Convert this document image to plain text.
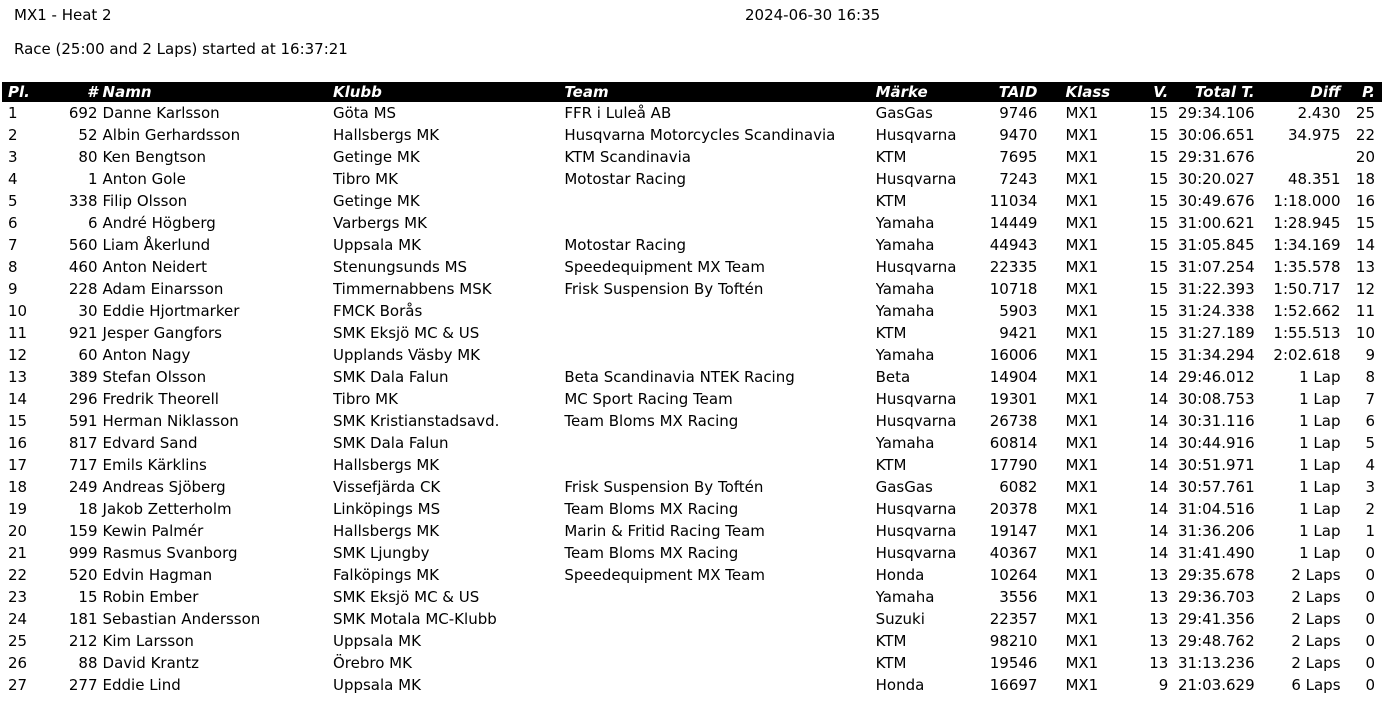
MX1 - Heat 2	2024-06-30 16:35
Race (25:00 and 2 Laps) started at 16:37:21
Pl.	#	Namn	Klubb	Team	Märke	TAID	Klass	V.	Total T.	Diff	P.
1	692	Danne Karlsson	Göta MS	FFR i Luleå AB	GasGas	9746	MX1	15	29:34.106	2.430	25
2	52	Albin Gerhardsson	Hallsbergs MK	Husqvarna Motorcycles Scandinavia	Husqvarna	9470	MX1	15	30:06.651	34.975	22
3	80	Ken Bengtson	Getinge MK	KTM Scandinavia	KTM	7695	MX1	15	29:31.676		20
4	1	Anton Gole	Tibro MK	Motostar Racing	Husqvarna	7243	MX1	15	30:20.027	48.351	18
5	338	Filip Olsson	Getinge MK		KTM	11034	MX1	15	30:49.676	1:18.000	16
6	6	André Högberg	Varbergs MK		Yamaha	14449	MX1	15	31:00.621	1:28.945	15
7	560	Liam Åkerlund	Uppsala MK	Motostar Racing	Yamaha	44943	MX1	15	31:05.845	1:34.169	14
8	460	Anton Neidert	Stenungsunds MS	Speedequipment MX Team	Husqvarna	22335	MX1	15	31:07.254	1:35.578	13
9	228	Adam Einarsson	Timmernabbens MSK	Frisk Suspension By Toftén	Yamaha	10718	MX1	15	31:22.393	1:50.717	12
10	30	Eddie Hjortmarker	FMCK Borås		Yamaha	5903	MX1	15	31:24.338	1:52.662	11
11	921	Jesper Gangfors	SMK Eksjö MC & US		KTM	9421	MX1	15	31:27.189	1:55.513	10
12	60	Anton Nagy	Upplands Väsby MK		Yamaha	16006	MX1	15	31:34.294	2:02.618	9
13	389	Stefan Olsson	SMK Dala Falun	Beta Scandinavia NTEK Racing	Beta	14904	MX1	14	29:46.012	1 Lap	8
14	296	Fredrik Theorell	Tibro MK	MC Sport Racing Team	Husqvarna	19301	MX1	14	30:08.753	1 Lap	7
15	591	Herman Niklasson	SMK Kristianstadsavd.	Team Bloms MX Racing	Husqvarna	26738	MX1	14	30:31.116	1 Lap	6
16	817	Edvard Sand	SMK Dala Falun		Yamaha	60814	MX1	14	30:44.916	1 Lap	5
17	717	Emils Kärklins	Hallsbergs MK		KTM	17790	MX1	14	30:51.971	1 Lap	4
18	249	Andreas Sjöberg	Vissefjärda CK	Frisk Suspension By Toftén	GasGas	6082	MX1	14	30:57.761	1 Lap	3
19	18	Jakob Zetterholm	Linköpings MS	Team Bloms MX Racing	Husqvarna	20378	MX1	14	31:04.516	1 Lap	2
20	159	Kewin Palmér	Hallsbergs MK	Marin & Fritid Racing Team	Husqvarna	19147	MX1	14	31:36.206	1 Lap	1
21	999	Rasmus Svanborg	SMK Ljungby	Team Bloms MX Racing	Husqvarna	40367	MX1	14	31:41.490	1 Lap	0
22	520	Edvin Hagman	Falköpings MK	Speedequipment MX Team	Honda	10264	MX1	13	29:35.678	2 Laps	0
23	15	Robin Ember	SMK Eksjö MC & US		Yamaha	3556	MX1	13	29:36.703	2 Laps	0
24	181	Sebastian Andersson	SMK Motala MC-Klubb		Suzuki	22357	MX1	13	29:41.356	2 Laps	0
25	212	Kim Larsson	Uppsala MK		KTM	98210	MX1	13	29:48.762	2 Laps	0
26	88	David Krantz	Örebro MK		KTM	19546	MX1	13	31:13.236	2 Laps	0
27	277	Eddie Lind	Uppsala MK		Honda	16697	MX1	9	21:03.629	6 Laps	0
